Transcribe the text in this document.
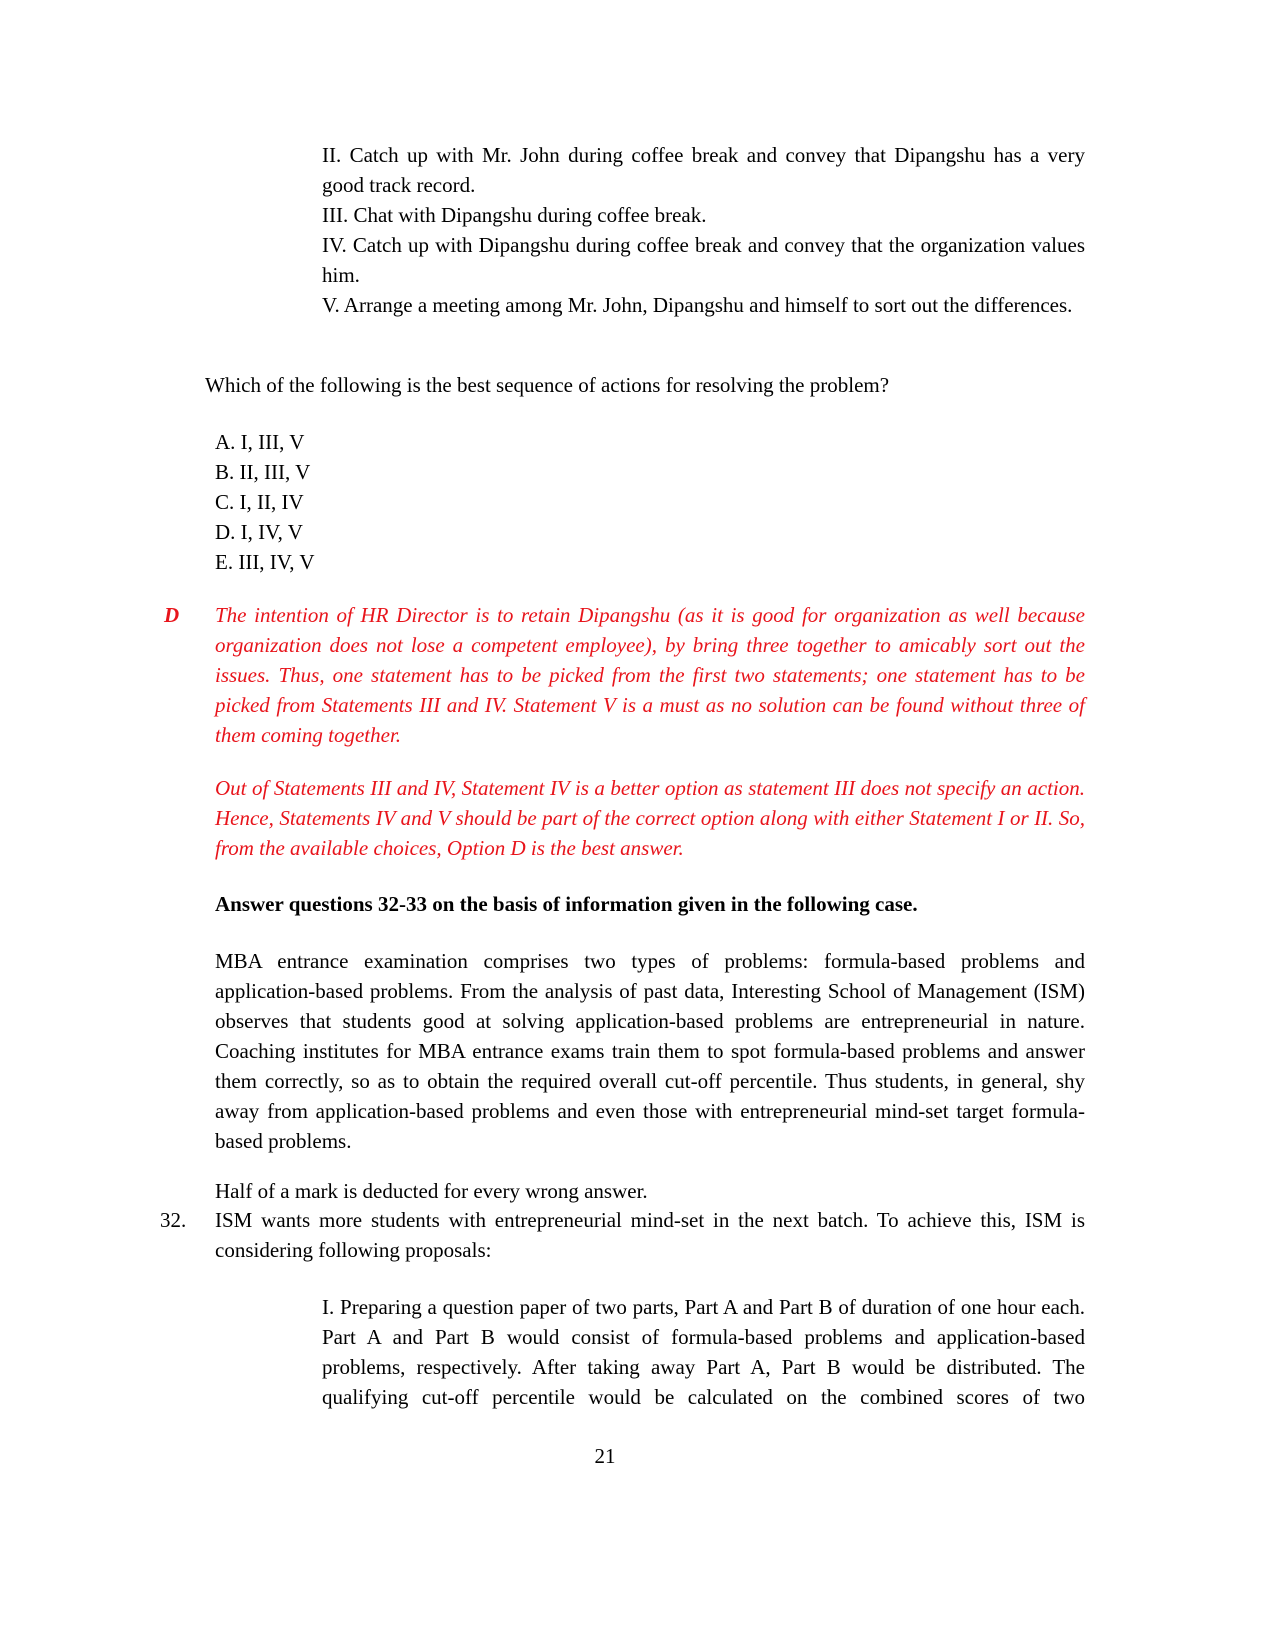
II. Catch up with Mr. John during coffee break and convey that Dipangshu has a very good track record.
III. Chat with Dipangshu during coffee break.
IV. Catch up with Dipangshu during coffee break and convey that the organization values him.
V. Arrange a meeting among Mr. John, Dipangshu and himself to sort out the differences.
Which of the following is the best sequence of actions for resolving the problem?
A. I, III, V
B. II, III, V
C. I, II, IV
D. I, IV, V
E. III, IV, V
D The intention of HR Director is to retain Dipangshu (as it is good for organization as well because organization does not lose a competent employee), by bring three together to amicably sort out the issues. Thus, one statement has to be picked from the first two statements; one statement has to be picked from Statements III and IV. Statement V is a must as no solution can be found without three of them coming together.
Out of Statements III and IV, Statement IV is a better option as statement III does not specify an action. Hence, Statements IV and V should be part of the correct option along with either Statement I or II. So, from the available choices, Option D is the best answer.
Answer questions 32-33 on the basis of information given in the following case.
MBA entrance examination comprises two types of problems: formula-based problems and application-based problems. From the analysis of past data, Interesting School of Management (ISM) observes that students good at solving application-based problems are entrepreneurial in nature. Coaching institutes for MBA entrance exams train them to spot formula-based problems and answer them correctly, so as to obtain the required overall cut-off percentile. Thus students, in general, shy away from application-based problems and even those with entrepreneurial mind-set target formula-based problems.
Half of a mark is deducted for every wrong answer.
32. ISM wants more students with entrepreneurial mind-set in the next batch. To achieve this, ISM is considering following proposals:
I. Preparing a question paper of two parts, Part A and Part B of duration of one hour each. Part A and Part B would consist of formula-based problems and application-based problems, respectively. After taking away Part A, Part B would be distributed. The qualifying cut-off percentile would be calculated on the combined scores of two
21
